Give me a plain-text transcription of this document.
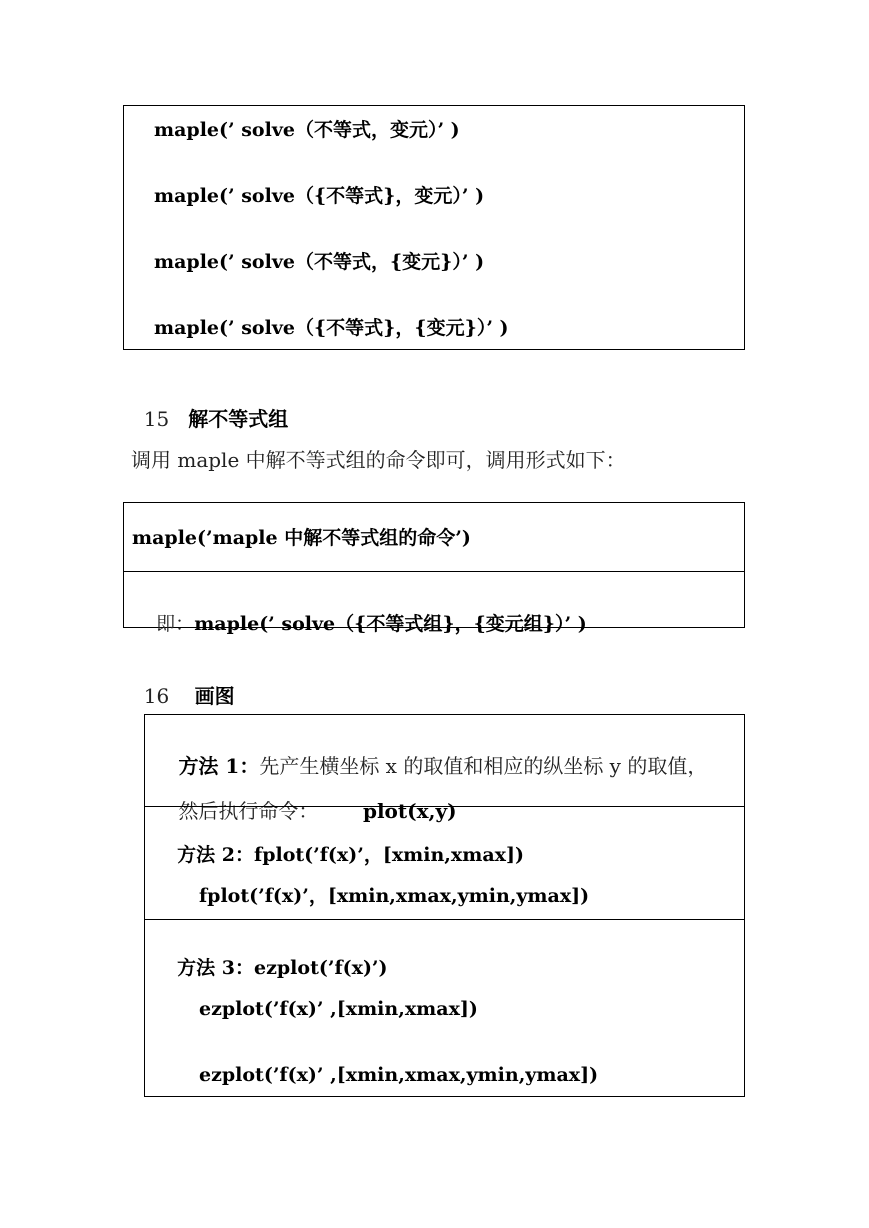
maple(’ solve（不等式，变元）’ )
maple(’ solve（{不等式}，变元）’ )
maple(’ solve（不等式，{变元}）’ )
maple(’ solve（{不等式}，{变元}）’ )

15 解不等式组

调用 maple 中解不等式组的命令即可，调用形式如下：
maple(’maple 中解不等式组的命令’)

即：maple(’ solve（{不等式组}，{变元组}）’ )

16 画图

方法 1：先产生横坐标 x 的取值和相应的纵坐标 y 的取值，

然后执行命令： plot(x,y)

方法 2：fplot(’f(x)’，[xmin,xmax])

fplot(’f(x)’，[xmin,xmax,ymin,ymax])

方法 3：ezplot(’f(x)’)

ezplot(’f(x)’ ,[xmin,xmax])
ezplot(’f(x)’ ,[xmin,xmax,ymin,ymax])
